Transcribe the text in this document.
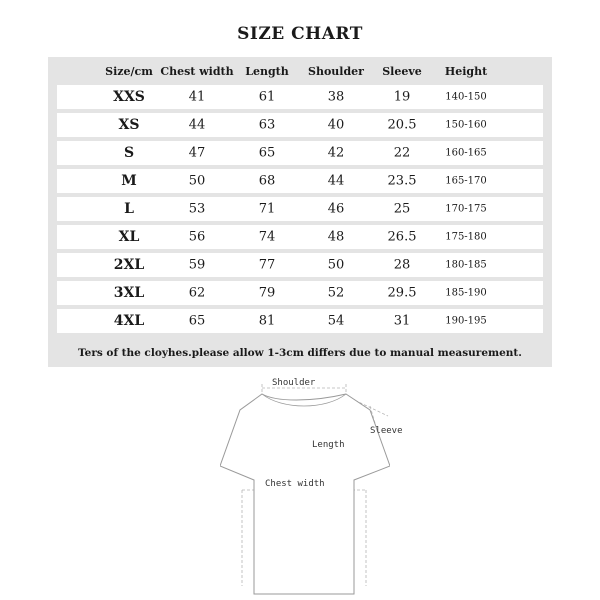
SIZE CHART
Size/cm Chest width Length Shoulder Sleeve Height
XXS	41	61	38	19	140-150
XS	44	63	40	20.5	150-160
S	47	65	42	22	160-165
M	50	68	44	23.5	165-170
L	53	71	46	25	170-175
XL	56	74	48	26.5	175-180
2XL	59	77	50	28	180-185
3XL	62	79	52	29.5	185-190
4XL	65	81	54	31	190-195
Ters of the cloyhes.please allow 1-3cm differs due to manual measurement.
Shoulder
Sleeve
Length
Chest width
